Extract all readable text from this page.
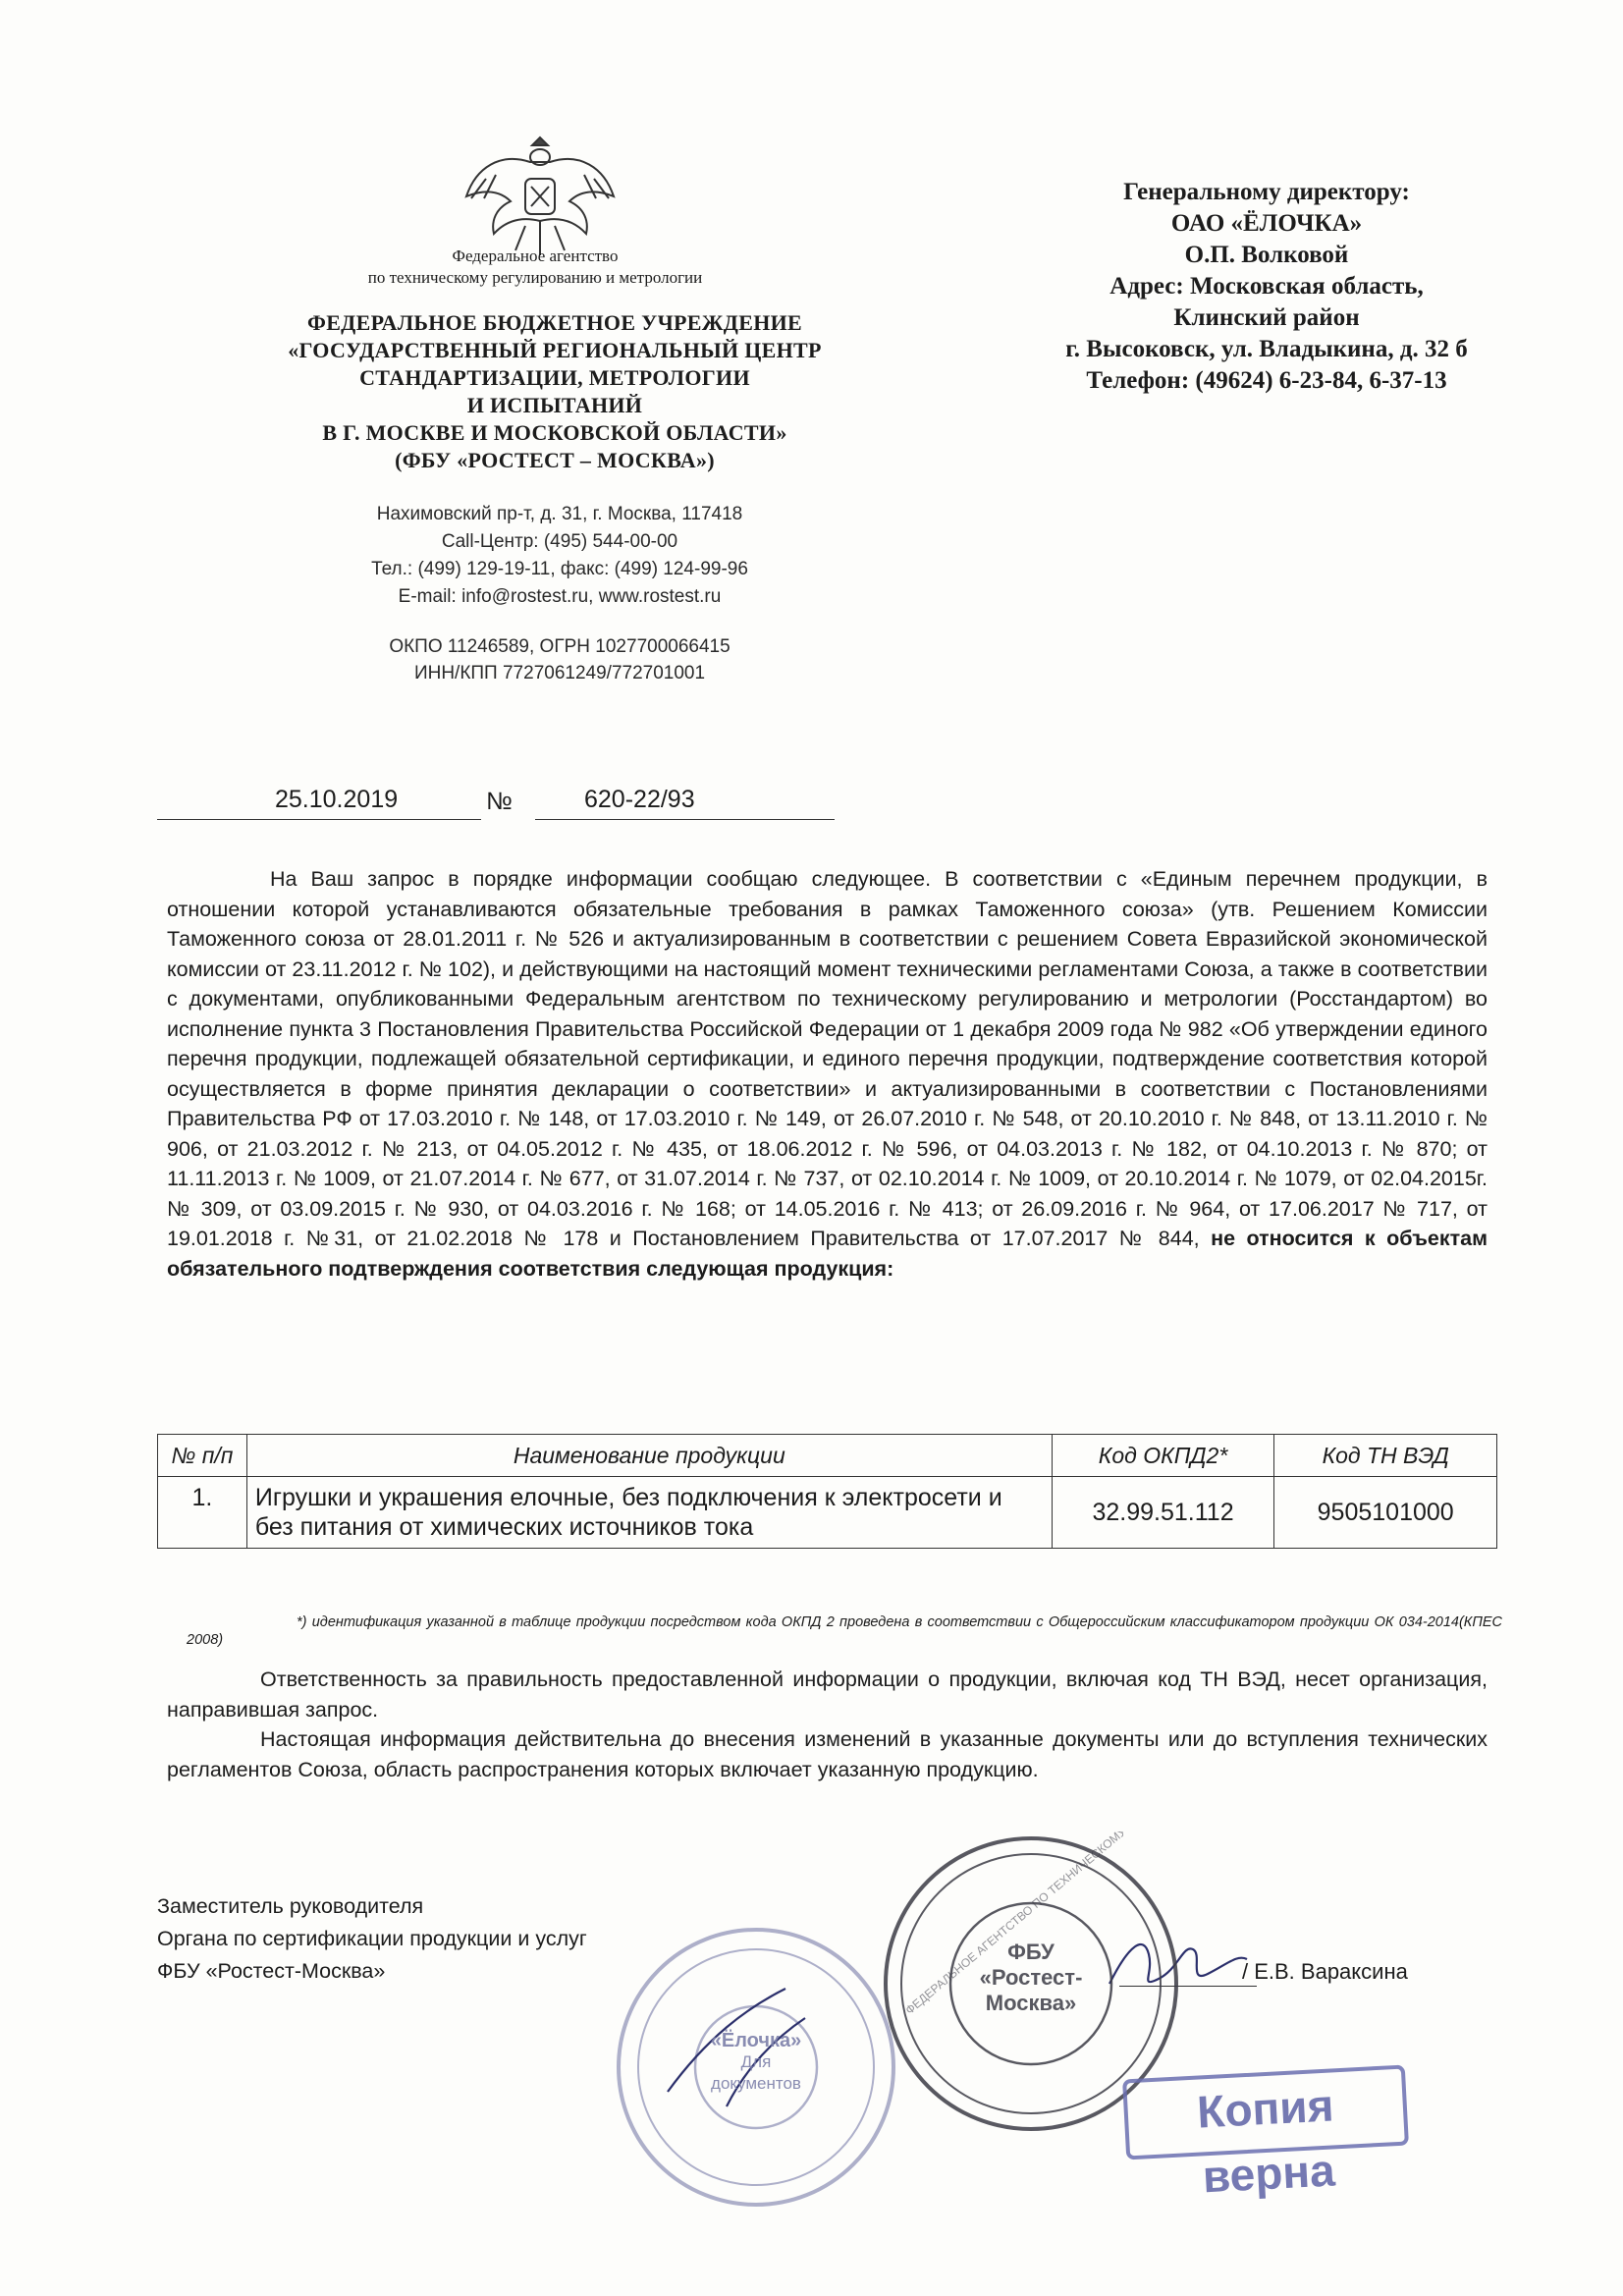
Федеральное агентство
по техническому регулированию и метрологии
ФЕДЕРАЛЬНОЕ БЮДЖЕТНОЕ УЧРЕЖДЕНИЕ
«ГОСУДАРСТВЕННЫЙ РЕГИОНАЛЬНЫЙ ЦЕНТР
СТАНДАРТИЗАЦИИ, МЕТРОЛОГИИ
И ИСПЫТАНИЙ
В Г. МОСКВЕ И МОСКОВСКОЙ ОБЛАСТИ»
(ФБУ «РОСТЕСТ – МОСКВА»)
Нахимовский пр-т, д. 31, г. Москва, 117418
Call-Центр: (495) 544-00-00
Тел.: (499) 129-19-11, факс: (499) 124-99-96
E-mail: info@rostest.ru, www.rostest.ru
ОКПО 11246589, ОГРН 1027700066415
ИНН/КПП 7727061249/772701001
Генеральному директору:
ОАО «ЁЛОЧКА»
О.П. Волковой
Адрес: Московская область,
Клинский район
г. Высоковск, ул. Владыкина, д. 32 б
Телефон: (49624) 6-23-84, 6-37-13
25.10.2019	№	620-22/93

На Ваш запрос в порядке информации сообщаю следующее. В соответствии с «Единым перечнем продукции, в отношении которой устанавливаются обязательные требования в рамках Таможенного союза» (утв. Решением Комиссии Таможенного союза от 28.01.2011 г. № 526 и актуализированным в соответствии с решением Совета Евразийской экономической комиссии от 23.11.2012 г. № 102), и действующими на настоящий момент техническими регламентами Союза, а также в соответствии с документами, опубликованными Федеральным агентством по техническому регулированию и метрологии (Росстандартом) во исполнение пункта 3 Постановления Правительства Российской Федерации от 1 декабря 2009 года № 982 «Об утверждении единого перечня продукции, подлежащей обязательной сертификации, и единого перечня продукции, подтверждение соответствия которой осуществляется в форме принятия декларации о соответствии» и актуализированными в соответствии с Постановлениями Правительства РФ от 17.03.2010 г. № 148, от 17.03.2010 г. № 149, от 26.07.2010 г. № 548, от 20.10.2010 г. № 848, от 13.11.2010 г. № 906, от 21.03.2012 г. № 213, от 04.05.2012 г. № 435, от 18.06.2012 г. № 596, от 04.03.2013 г. № 182, от 04.10.2013 г. № 870; от 11.11.2013 г. № 1009, от 21.07.2014 г. № 677, от 31.07.2014 г. № 737, от 02.10.2014 г. № 1009, от 20.10.2014 г. № 1079, от 02.04.2015г. № 309, от 03.09.2015 г. № 930, от 04.03.2016 г. № 168; от 14.05.2016 г. № 413; от 26.09.2016 г. № 964, от 17.06.2017 № 717, от 19.01.2018 г. №31, от 21.02.2018 № 178 и Постановлением Правительства от 17.07.2017 № 844, не относится к объектам обязательного подтверждения соответствия следующая продукция:

№ п/п	Наименование продукции	Код ОКПД2*	Код ТН ВЭД
1.	Игрушки и украшения елочные, без подключения к электросети и без питания от химических источников тока	32.99.51.112	9505101000
*) идентификация указанной в таблице продукции посредством кода ОКПД 2 проведена в соответствии с Общероссийским классификатором продукции ОК 034-2014(КПЕС 2008)

Ответственность за правильность предоставленной информации о продукции, включая код ТН ВЭД, несет организация, направившая запрос.

Настоящая информация действительна до внесения изменений в указанные документы или до вступления технических регламентов Союза, область распространения которых включает указанную продукцию.

Заместитель руководителя
Органа по сертификации продукции и услуг
ФБУ «Ростест-Москва»	/ Е.В. Вараксина
ФЕДЕРАЛЬНОЕ АГЕНТСТВО ПО ТЕХНИЧЕСКОМУ
ФБУ
«Ростест-
Москва»
«Ёлочка»
Для
документов	Копия верна
